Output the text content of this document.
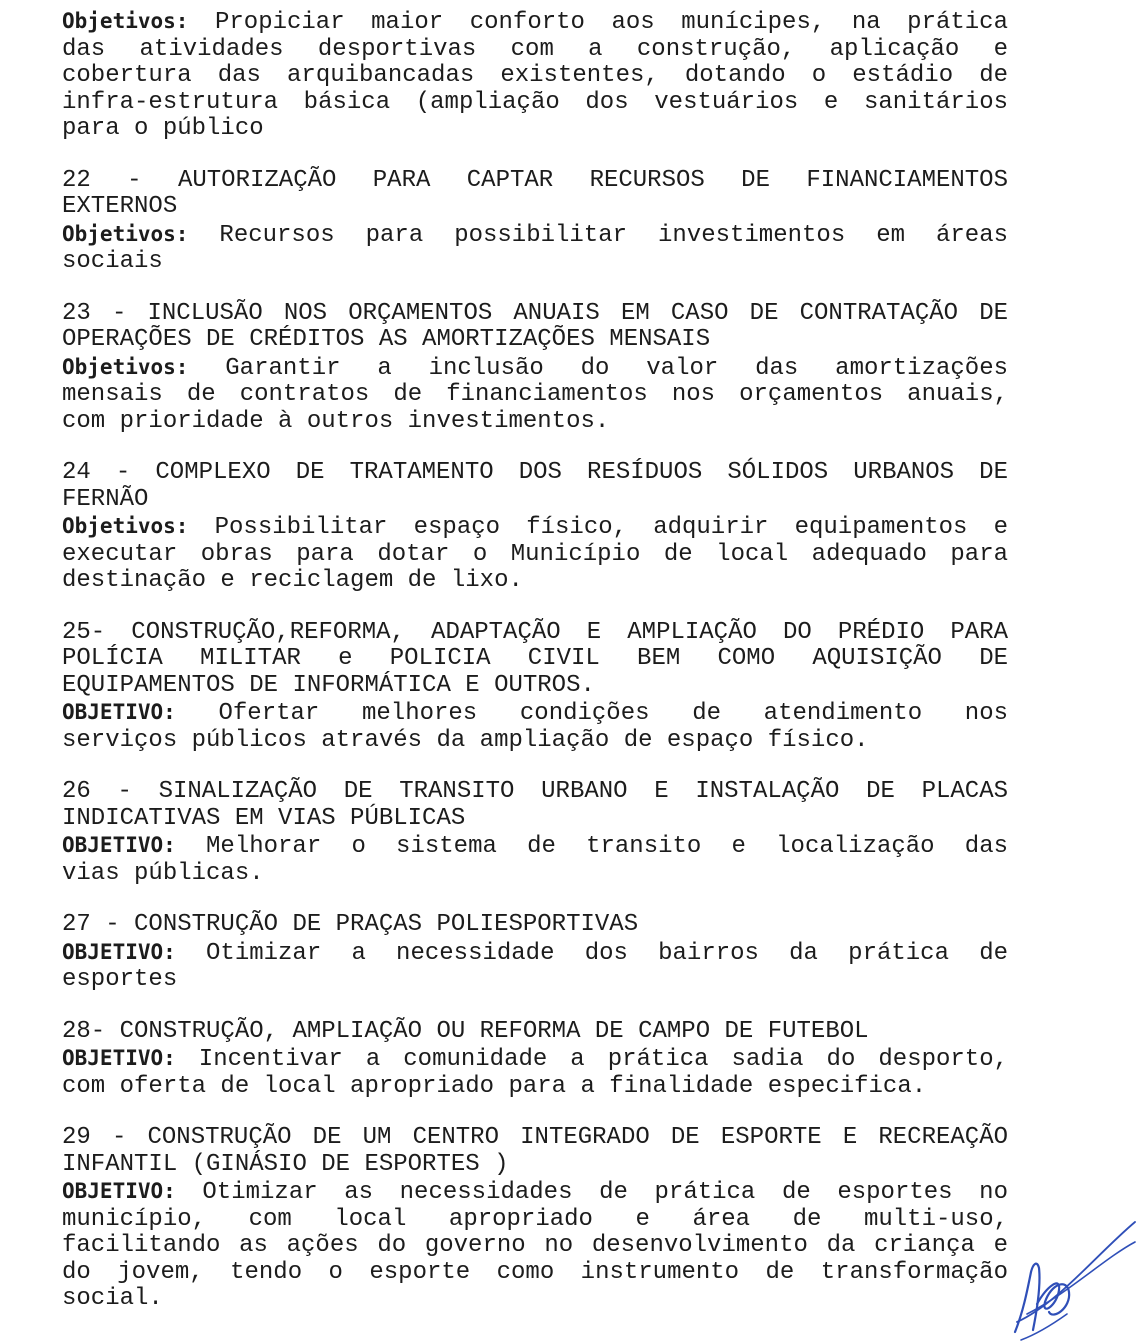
Objetivos: Propiciar maior conforto aos munícipes, na prática
das atividades desportivas com a construção, aplicação e
cobertura das arquibancadas existentes, dotando o estádio de
infra-estrutura básica (ampliação dos vestuários e sanitários
para o público
22 - AUTORIZAÇÃO PARA CAPTAR RECURSOS DE FINANCIAMENTOS
EXTERNOS
Objetivos: Recursos para possibilitar investimentos em áreas
sociais
23 - INCLUSÃO NOS ORÇAMENTOS ANUAIS EM CASO DE CONTRATAÇÃO DE
OPERAÇÕES DE CRÉDITOS AS AMORTIZAÇÕES MENSAIS
Objetivos: Garantir a inclusão do valor das amortizações
mensais de contratos de financiamentos nos orçamentos anuais,
com prioridade à outros investimentos.
24 - COMPLEXO DE TRATAMENTO DOS RESÍDUOS SÓLIDOS URBANOS DE
FERNÃO
Objetivos: Possibilitar espaço físico, adquirir equipamentos e
executar obras para dotar o Município de local adequado para
destinação e reciclagem de lixo.
25- CONSTRUÇÃO,REFORMA, ADAPTAÇÃO E AMPLIAÇÃO DO PRÉDIO PARA
POLÍCIA MILITAR e POLICIA CIVIL BEM COMO AQUISIÇÃO DE
EQUIPAMENTOS DE INFORMÁTICA E OUTROS.
OBJETIVO: Ofertar melhores condições de atendimento nos
serviços públicos através da ampliação de espaço físico.
26 - SINALIZAÇÃO DE TRANSITO URBANO E INSTALAÇÃO DE PLACAS
INDICATIVAS EM VIAS PÚBLICAS
OBJETIVO: Melhorar o sistema de transito e localização das
vias públicas.
27 - CONSTRUÇÃO DE PRAÇAS POLIESPORTIVAS
OBJETIVO: Otimizar a necessidade dos bairros da prática de
esportes
28- CONSTRUÇÃO, AMPLIAÇÃO OU REFORMA DE CAMPO DE FUTEBOL
OBJETIVO: Incentivar a comunidade a prática sadia do desporto,
com oferta de local apropriado para a finalidade especifica.
29 - CONSTRUÇÃO DE UM CENTRO INTEGRADO DE ESPORTE E RECREAÇÃO
INFANTIL (GINÁSIO DE ESPORTES )
OBJETIVO: Otimizar as necessidades de prática de esportes no
município, com local apropriado e área de multi-uso,
facilitando as ações do governo no desenvolvimento da criança e
do jovem, tendo o esporte como instrumento de transformação
social.
